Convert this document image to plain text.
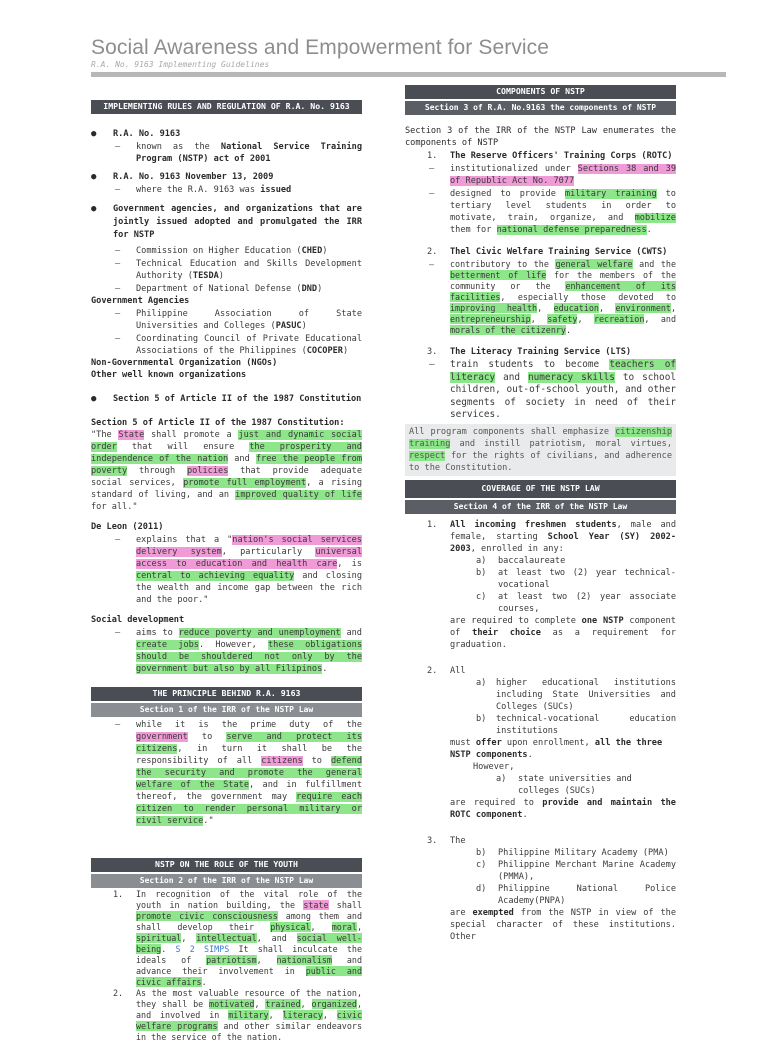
Social Awareness and Empowerment for Service
R.A. No. 9163 Implementing Guidelines
IMPLEMENTING RULES AND REGULATION OF R.A. No. 9163
● R.A. No. 9163
– known as the National Service Training Program (NSTP) act of 2001
● R.A. No. 9163 November 13, 2009
– where the R.A. 9163 was issued
● Government agencies, and organizations that are jointly issued adopted and promulgated the IRR for NSTP
– Commission on Higher Education (CHED)
– Technical Education and Skills Development Authority (TESDA)
– Department of National Defense (DND)
Government Agencies
– Philippine Association of State Universities and Colleges (PASUC)
– Coordinating Council of Private Educational Associations of the Philippines (COCOPER)
Non-Governmental Organization (NGOs)
Other well known organizations
● Section 5 of Article II of the 1987 Constitution
Section 5 of Article II of the 1987 Constitution:
"The State shall promote a just and dynamic social order that will ensure the prosperity and independence of the nation and free the people from poverty through policies that provide adequate social services, promote full employment, a rising standard of living, and an improved quality of life for all."
De Leon (2011)
– explains that a "nation's social services delivery system, particularly universal access to education and health care, is central to achieving equality and closing the wealth and income gap between the rich and the poor."
Social development
– aims to reduce poverty and unemployment and create jobs. However, these obligations should be shouldered not only by the government but also by all Filipinos.
THE PRINCIPLE BEHIND R.A. 9163
Section 1 of the IRR of the NSTP Law
– while it is the prime duty of the government to serve and protect its citizens, in turn it shall be the responsibility of all citizens to defend the security and promote the general welfare of the State, and in fulfillment thereof, the government may require each citizen to render personal military or civil service."
NSTP ON THE ROLE OF THE YOUTH
Section 2 of the IRR of the NSTP Law
1. In recognition of the vital role of the youth in nation building, the state shall promote civic consciousness among them and shall develop their physical, moral, spiritual, intellectual, and social well-being. S 2 SIMPS It shall inculcate the ideals of patriotism, nationalism and advance their involvement in public and civic affairs.
2. As the most valuable resource of the nation, they shall be motivated, trained, organized, and involved in military, literacy, civic welfare programs and other similar endeavors in the service of the nation.
COMPONENTS OF NSTP
Section 3 of R.A. No.9163 the components of NSTP
Section 3 of the IRR of the NSTP Law enumerates the components of NSTP
1. The Reserve Officers' Training Corps (ROTC)
– institutionalized under Sections 38 and 39 of Republic Act No. 7077
– designed to provide military training to tertiary level students in order to motivate, train, organize, and mobilize them for national defense preparedness.
2. Thel Civic Welfare Training Service (CWTS)
– contributory to the general welfare and the betterment of life for the members of the community or the enhancement of its facilities, especially those devoted to improving health, education, environment, entrepreneurship, safety, recreation, and morals of the citizenry.
3. The Literacy Training Service (LTS)
– train students to become teachers of literacy and numeracy skills to school children, out-of-school youth, and other segments of society in need of their services.
All program components shall emphasize citizenship training and instill patriotism, moral virtues, respect for the rights of civilians, and adherence to the Constitution.
COVERAGE OF THE NSTP LAW
Section 4 of the IRR of the NSTP Law
1. All incoming freshmen students, male and female, starting School Year (SY) 2002-2003, enrolled in any:
a)	baccalaureate
b)	at least two (2) year technical-vocational
c)	at least two (2) year associate courses,
are required to complete one NSTP component of their choice as a requirement for graduation.
2. All
a)	higher educational institutions including State Universities and Colleges (SUCs)
b)	technical-vocational education institutions
must offer upon enrollment, all the three NSTP components.
However,
a)	state universities and colleges (SUCs)
are required to provide and maintain the ROTC component.
3. The
b)	Philippine Military Academy (PMA)
c)	Philippine Merchant Marine Academy (PMMA),
d)	Philippine National Police Academy(PNPA)
are exempted from the NSTP in view of the special character of these institutions. Other
